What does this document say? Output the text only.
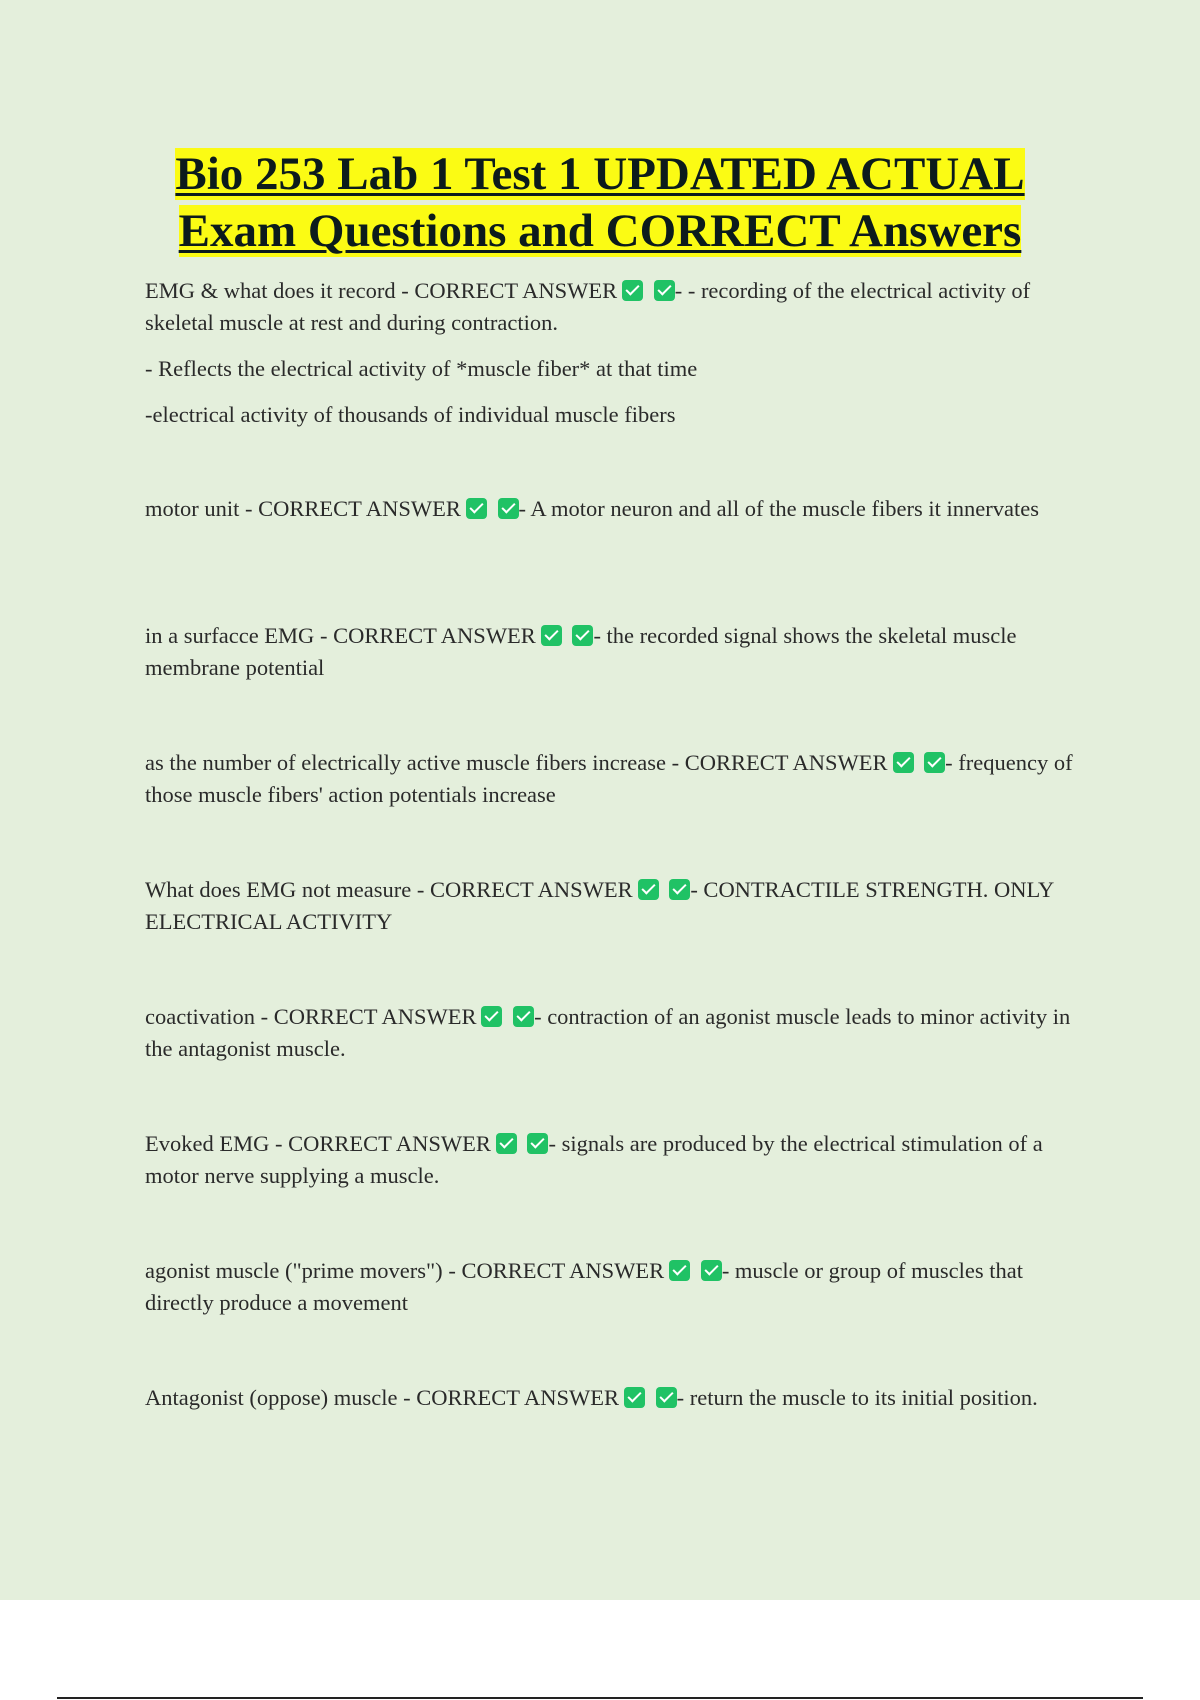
Bio 253 Lab 1 Test 1 UPDATED ACTUAL
Exam Questions and CORRECT Answers

EMG & what does it record - CORRECT ANSWER	- - recording of the electrical activity of skeletal muscle at rest and during contraction.

- Reflects the electrical activity of *muscle fiber* at that time

-electrical activity of thousands of individual muscle fibers

motor unit - CORRECT ANSWER	- A motor neuron and all of the muscle fibers it innervates

in a surfacce EMG - CORRECT ANSWER	- the recorded signal shows the skeletal muscle membrane potential

as the number of electrically active muscle fibers increase - CORRECT ANSWER	- frequency of those muscle fibers' action potentials increase

What does EMG not measure - CORRECT ANSWER	- CONTRACTILE STRENGTH. ONLY ELECTRICAL ACTIVITY

coactivation - CORRECT ANSWER	- contraction of an agonist muscle leads to minor activity in the antagonist muscle.

Evoked EMG - CORRECT ANSWER	- signals are produced by the electrical stimulation of a motor nerve supplying a muscle.

agonist muscle ("prime movers") - CORRECT ANSWER	- muscle or group of muscles that directly produce a movement

Antagonist (oppose) muscle - CORRECT ANSWER	- return the muscle to its initial position.
